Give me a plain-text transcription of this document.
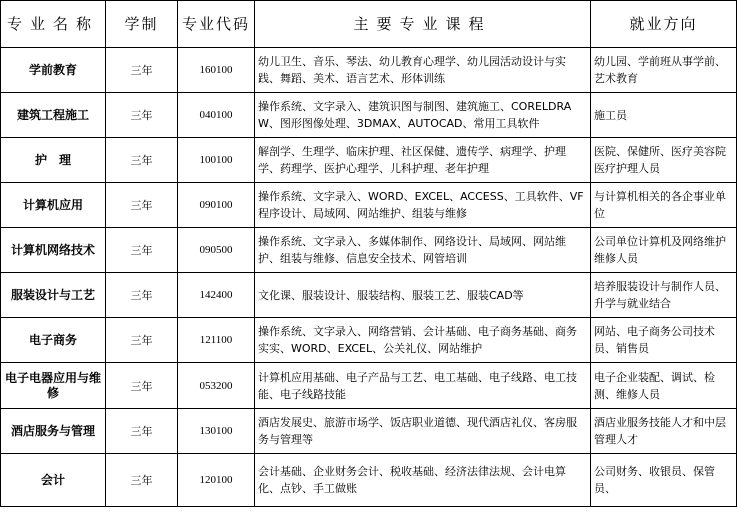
专业名称	学制	专业代码	主要专业课程	就业方向
学前教育	三年	160100	幼儿卫生、音乐、琴法、幼儿教育心理学、幼儿园活动设计与实践、舞蹈、美术、语言艺术、形体训练	幼儿园、学前班从事学前、艺术教育
建筑工程施工	三年	040100	操作系统、文字录入、建筑识图与制图、建筑施工、CORELDRAW、图形图像处理、3DMAX、AUTOCAD、常用工具软件	施工员
护　理	三年	100100	解剖学、生理学、临床护理、社区保健、遗传学、病理学、护理学、药理学、医护心理学、儿科护理、老年护理	医院、保健所、医疗美容院医疗护理人员
计算机应用	三年	090100	操作系统、文字录入、WORD、EXCEL、ACCESS、工具软件、VF程序设计、局域网、网站维护、组装与维修	与计算机相关的各企事业单位
计算机网络技术	三年	090500	操作系统、文字录入、多媒体制作、网络设计、局域网、网站维护、组装与维修、信息安全技术、网管培训	公司单位计算机及网络维护维修人员
服装设计与工艺	三年	142400	文化课、服装设计、服装结构、服装工艺、服装CAD等	培养服装设计与制作人员、升学与就业结合
电子商务	三年	121100	操作系统、文字录入、网络营销、会计基础、电子商务基础、商务实实、WORD、EXCEL、公关礼仪、网站维护	网站、电子商务公司技术员、销售员
电子电器应用与维修	三年	053200	计算机应用基础、电子产品与工艺、电工基础、电子线路、电工技能、电子线路技能	电子企业装配、调试、检测、维修人员
酒店服务与管理	三年	130100	酒店发展史、旅游市场学、饭店职业道德、现代酒店礼仪、客房服务与管理等	酒店业服务技能人才和中层管理人才
会计	三年	120100	会计基础、企业财务会计、税收基础、经济法律法规、会计电算化、点钞、手工做账	公司财务、收银员、保管员、
